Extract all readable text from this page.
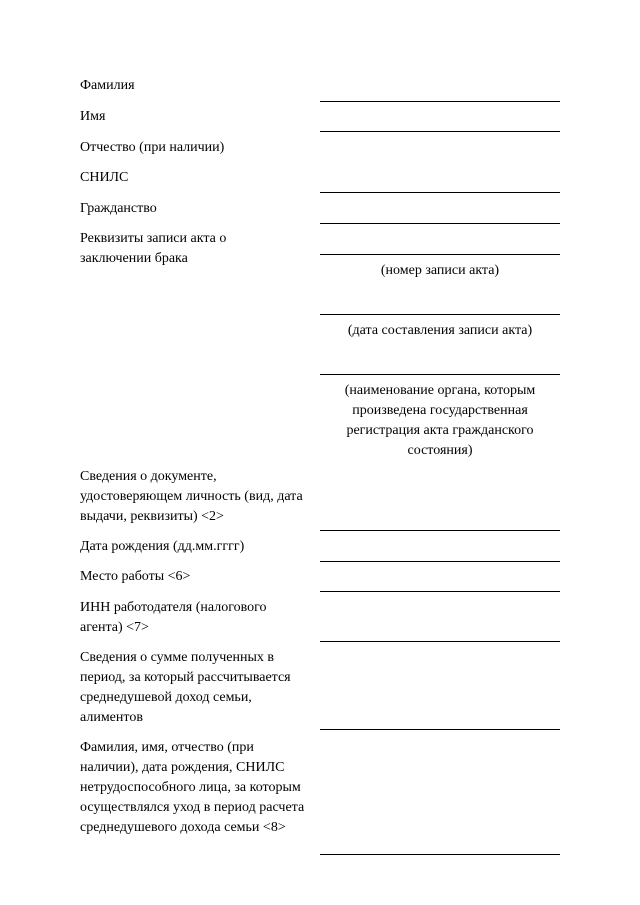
Фамилия
Имя
Отчество (при наличии)
СНИЛС
Гражданство
Реквизиты записи акта о заключении брака
Сведения о документе, удостоверяющем личность (вид, дата выдачи, реквизиты) <2>
Дата рождения (дд.мм.гггг)
Место работы <6>
ИНН работодателя (налогового агента) <7>
Сведения о сумме полученных в период, за который рассчитывается среднедушевой доход семьи, алиментов
Фамилия, имя, отчество (при наличии), дата рождения, СНИЛС нетрудоспособного лица, за которым осуществлялся уход в период расчета среднедушевого дохода семьи <8>
(номер записи акта)
(дата составления записи акта)
(наименование органа, которым произведена государственная регистрация акта гражданского состояния)
